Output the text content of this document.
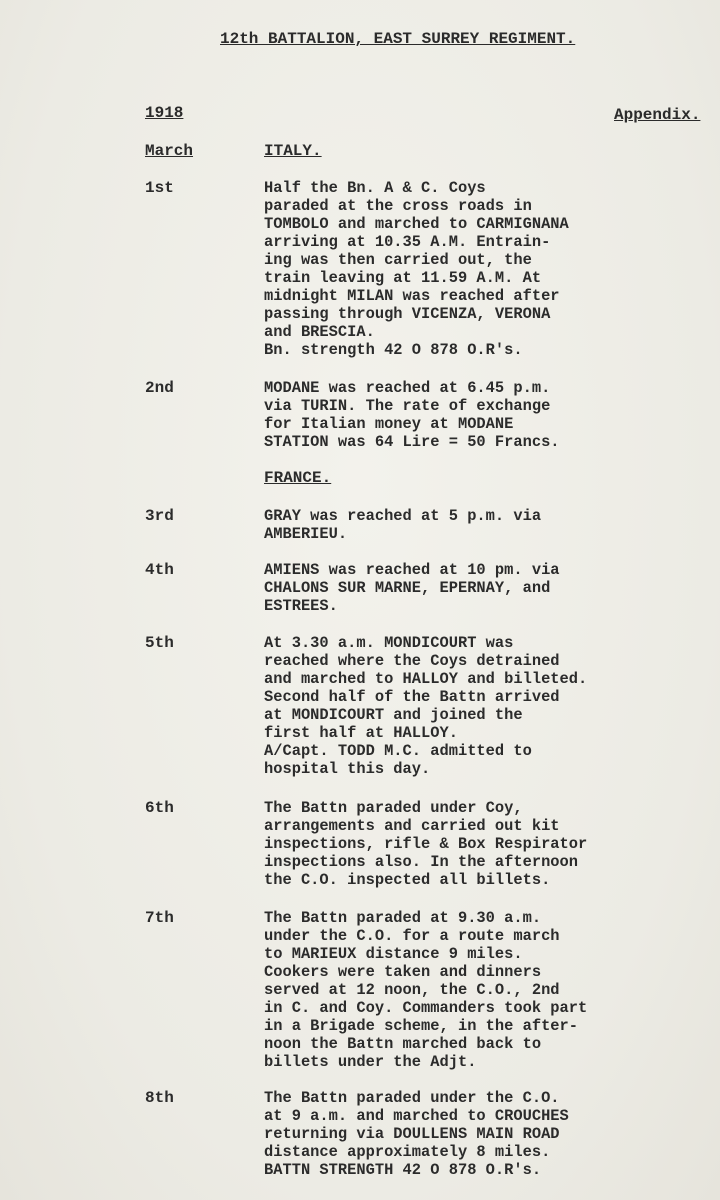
12th BATTALION, EAST SURREY REGIMENT.
1918	Appendix.
March	ITALY.
1st	Half the Bn. A & C. Coys
paraded at the cross roads in
TOMBOLO and marched to CARMIGNANA
arriving at 10.35 A.M. Entrain-
ing was then carried out, the
train leaving at 11.59 A.M. At
midnight MILAN was reached after
passing through VICENZA, VERONA
and BRESCIA.
Bn. strength 42 O 878 O.R's.
2nd	MODANE was reached at 6.45 p.m.
via TURIN. The rate of exchange
for Italian money at MODANE
STATION was 64 Lire = 50 Francs.
FRANCE.
3rd	GRAY was reached at 5 p.m. via
AMBERIEU.
4th	AMIENS was reached at 10 pm. via
CHALONS SUR MARNE, EPERNAY, and
ESTREES.
5th	At 3.30 a.m. MONDICOURT was
reached where the Coys detrained
and marched to HALLOY and billeted.
Second half of the Battn arrived
at MONDICOURT and joined the
first half at HALLOY.
A/Capt. TODD M.C. admitted to
hospital this day.
6th	The Battn paraded under Coy,
arrangements and carried out kit
inspections, rifle & Box Respirator
inspections also. In the afternoon
the C.O. inspected all billets.
7th	The Battn paraded at 9.30 a.m.
under the C.O. for a route march
to MARIEUX distance 9 miles.
Cookers were taken and dinners
served at 12 noon, the C.O., 2nd
in C. and Coy. Commanders took part
in a Brigade scheme, in the after-
noon the Battn marched back to
billets under the Adjt.
8th	The Battn paraded under the C.O.
at 9 a.m. and marched to CROUCHES
returning via DOULLENS MAIN ROAD
distance approximately 8 miles.
BATTN STRENGTH 42 O 878 O.R's.
